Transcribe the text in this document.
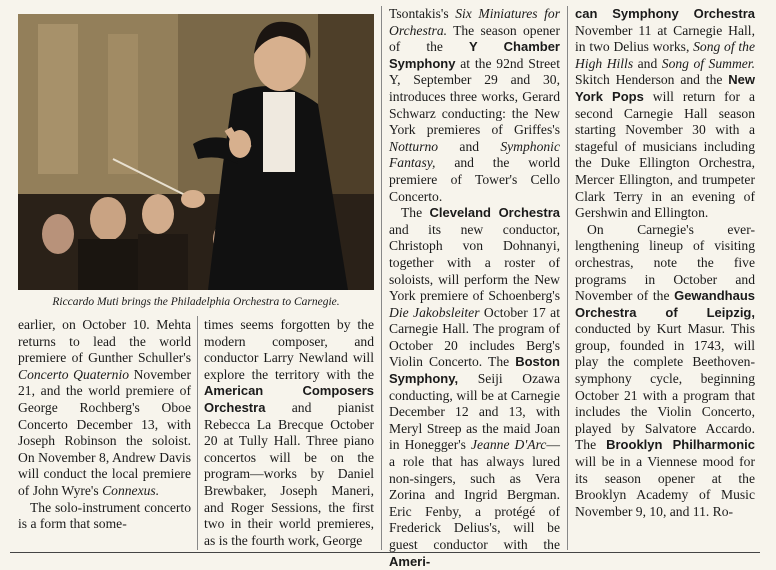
Riccardo Muti brings the Philadelphia Orchestra to Carnegie.

earlier, on October 10. Mehta returns to lead the world premiere of Gunther Schuller's Concerto Quaternio November 21, and the world premiere of George Rochberg's Oboe Concerto December 13, with Joseph Robinson the soloist. On November 8, Andrew Davis will conduct the local premiere of John Wyre's Connexus.

The solo-instrument concerto is a form that some-

times seems forgotten by the modern composer, and conductor Larry Newland will explore the territory with the American Composers Orchestra and pianist Rebecca La Brecque October 20 at Tully Hall. Three piano concertos will be on the program—works by Daniel Brewbaker, Joseph Maneri, and Roger Sessions, the first two in their world premieres, as is the fourth work, George

Tsontakis's Six Miniatures for Orchestra. The season opener of the Y Chamber Symphony at the 92nd Street Y, September 29 and 30, introduces three works, Gerard Schwarz conducting: the New York premieres of Griffes's Notturno and Symphonic Fantasy, and the world premiere of Tower's Cello Concerto.

The Cleveland Orchestra and its new conductor, Christoph von Dohnanyi, together with a roster of soloists, will perform the New York premiere of Schoenberg's Die Jakobsleiter October 17 at Carnegie Hall. The program of October 20 includes Berg's Violin Concerto. The Boston Symphony, Seiji Ozawa conducting, will be at Carnegie December 12 and 13, with Meryl Streep as the maid Joan in Honegger's Jeanne D'Arc—a role that has always lured non-singers, such as Vera Zorina and Ingrid Bergman. Eric Fenby, a protégé of Frederick Delius's, will be guest conductor with the Ameri-

can Symphony Orchestra November 11 at Carnegie Hall, in two Delius works, Song of the High Hills and Song of Summer. Skitch Henderson and the New York Pops will return for a second Carnegie Hall season starting November 30 with a stageful of musicians including the Duke Ellington Orchestra, Mercer Ellington, and trumpeter Clark Terry in an evening of Gershwin and Ellington.

On Carnegie's ever-lengthening lineup of visiting orchestras, note the five programs in October and November of the Gewandhaus Orchestra of Leipzig, conducted by Kurt Masur. This group, founded in 1743, will play the complete Beethoven-symphony cycle, beginning October 21 with a program that includes the Violin Concerto, played by Salvatore Accardo. The Brooklyn Philharmonic will be in a Viennese mood for its season opener at the Brooklyn Academy of Music November 9, 10, and 11. Ro-
